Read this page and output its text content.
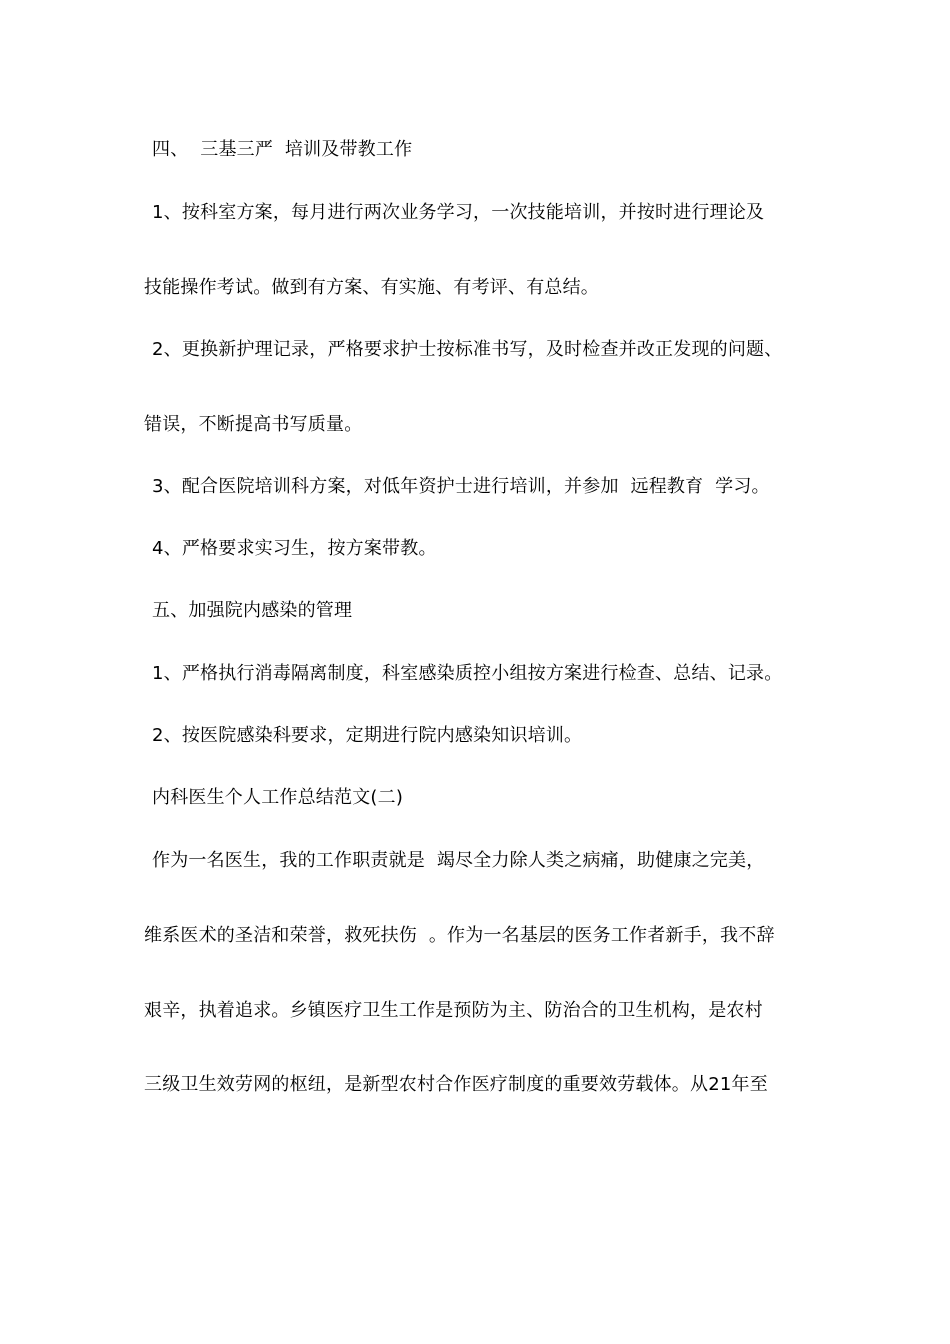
四、  三基三严  培训及带教工作
1、按科室方案，每月进行两次业务学习，一次技能培训，并按时进行理论及
技能操作考试。做到有方案、有实施、有考评、有总结。
2、更换新护理记录，严格要求护士按标准书写，及时检查并改正发现的问题、
错误，不断提高书写质量。
3、配合医院培训科方案，对低年资护士进行培训，并参加  远程教育  学习。
4、严格要求实习生，按方案带教。
五、加强院内感染的管理
1、严格执行消毒隔离制度，科室感染质控小组按方案进行检查、总结、记录。
2、按医院感染科要求，定期进行院内感染知识培训。
内科医生个人工作总结范文(二)
作为一名医生，我的工作职责就是  竭尽全力除人类之病痛，助健康之完美，
维系医术的圣洁和荣誉，救死扶伤  。作为一名基层的医务工作者新手，我不辞
艰辛，执着追求。乡镇医疗卫生工作是预防为主、防治合的卫生机构，是农村
三级卫生效劳网的枢纽，是新型农村合作医疗制度的重要效劳载体。从21年至
